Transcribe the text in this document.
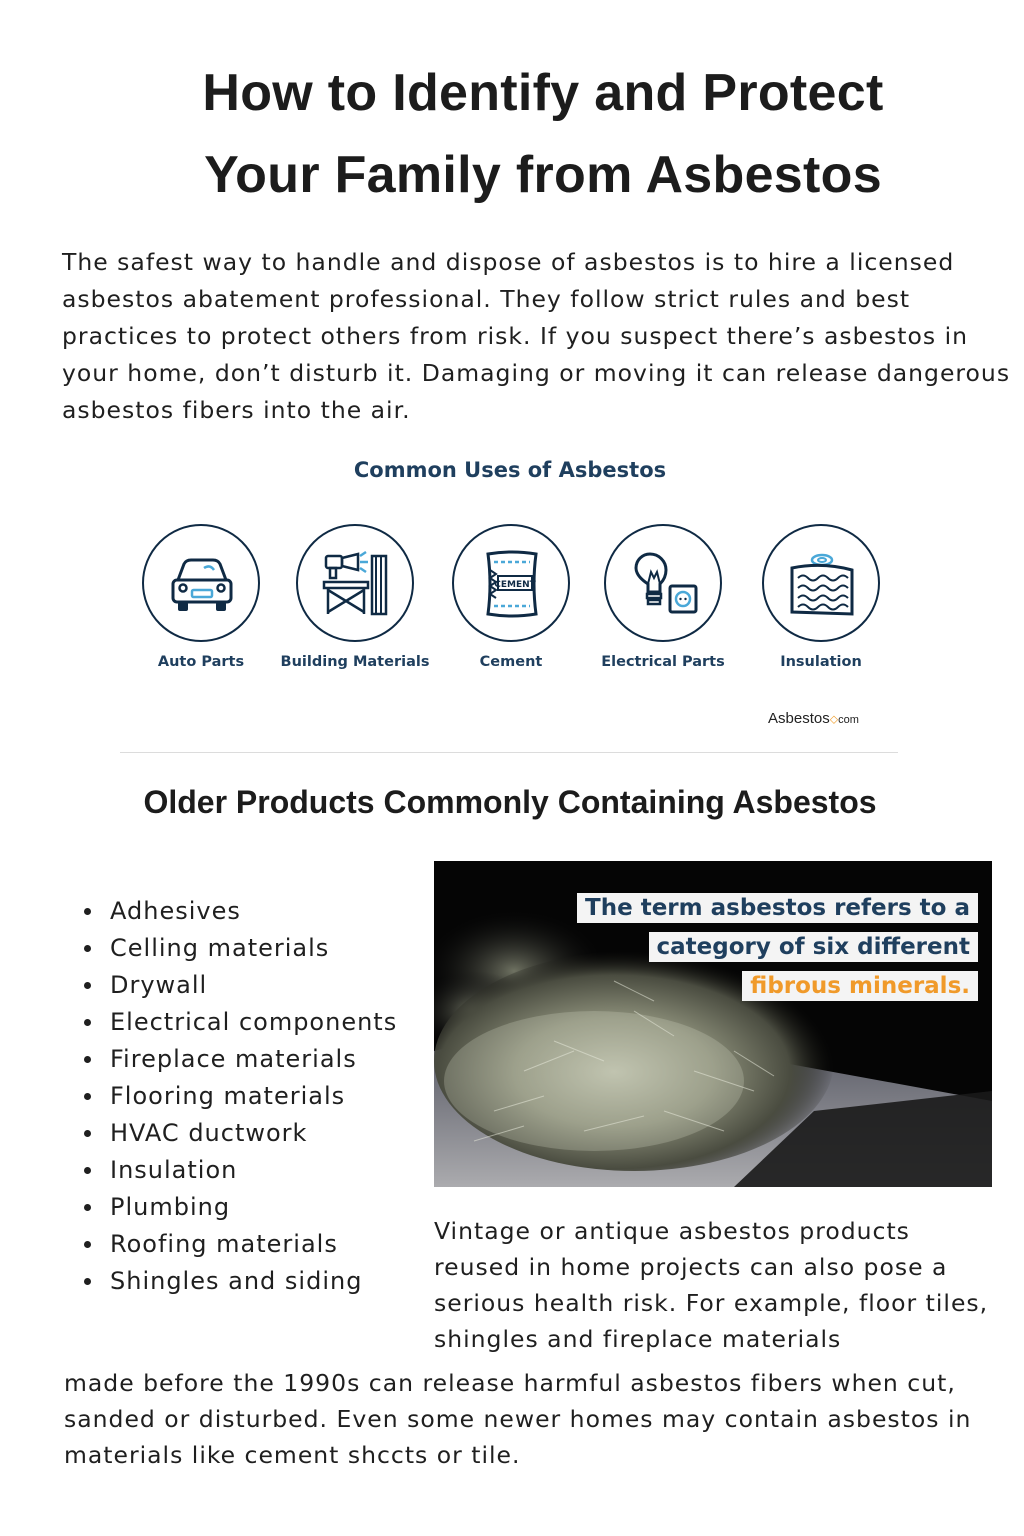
How to Identify and Protect
Your Family from Asbestos

The safest way to handle and dispose of asbestos is to hire a licensed asbestos abatement professional. They follow strict rules and best practices to protect others from risk. If you suspect there’s asbestos in your home, don’t disturb it. Damaging or moving it can release dangerous asbestos fibers into the air.

Common Uses of Asbestos
Auto Parts	Building Materials
CEMENT
Cement	Electrical Parts	Insulation
Asbestos⬦com
Older Products Commonly Containing Asbestos
Adhesives
Celling materials
Drywall
Electrical components
Fireplace materials
Flooring materials
HVAC ductwork
Insulation
Plumbing
Roofing materials
Shingles and siding
The term asbestos refers to a
category of six different
fibrous minerals.

Vintage or antique asbestos products reused in home projects can also pose a serious health risk. For example, floor tiles, shingles and fireplace materials

made before the 1990s can release harmful asbestos fibers when cut, sanded or disturbed. Even some newer homes may contain asbestos in materials like cement shccts or tile.
